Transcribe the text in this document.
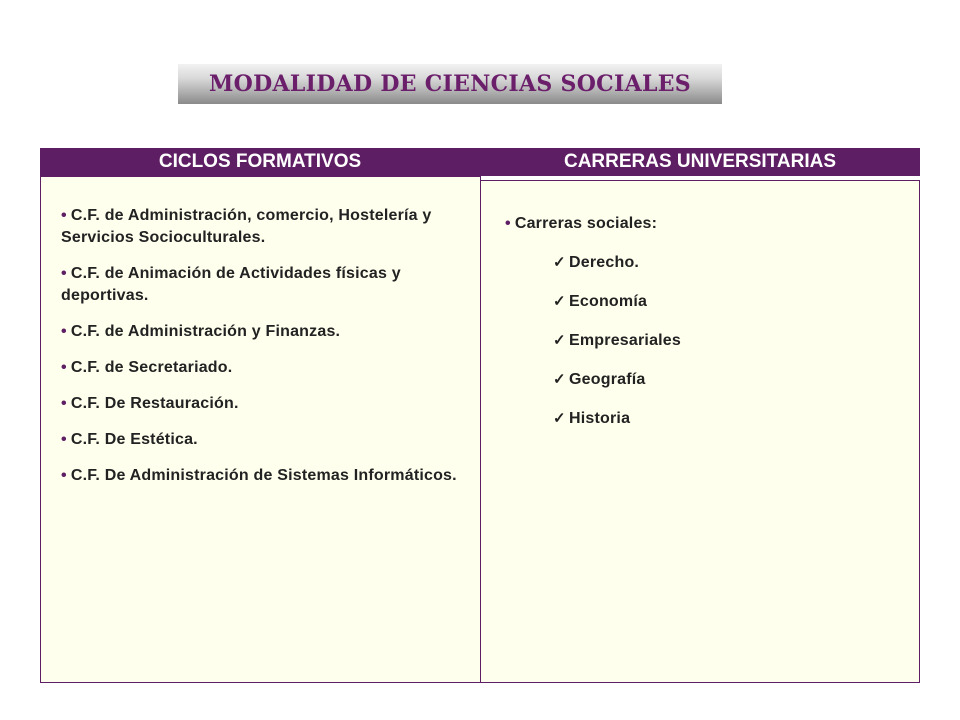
MODALIDAD DE CIENCIAS SOCIALES
CICLOS FORMATIVOS	CARRERAS UNIVERSITARIAS
• C.F. de Administración, comercio, Hostelería y Servicios Socioculturales.
• C.F. de Animación de Actividades físicas y deportivas.
• C.F. de Administración y Finanzas.
• C.F. de Secretariado.
• C.F. De Restauración.
• C.F. De Estética.
• C.F. De Administración de Sistemas Informáticos.
• Carreras sociales:
✓ Derecho.
✓ Economía
✓ Empresariales
✓ Geografía
✓ Historia
